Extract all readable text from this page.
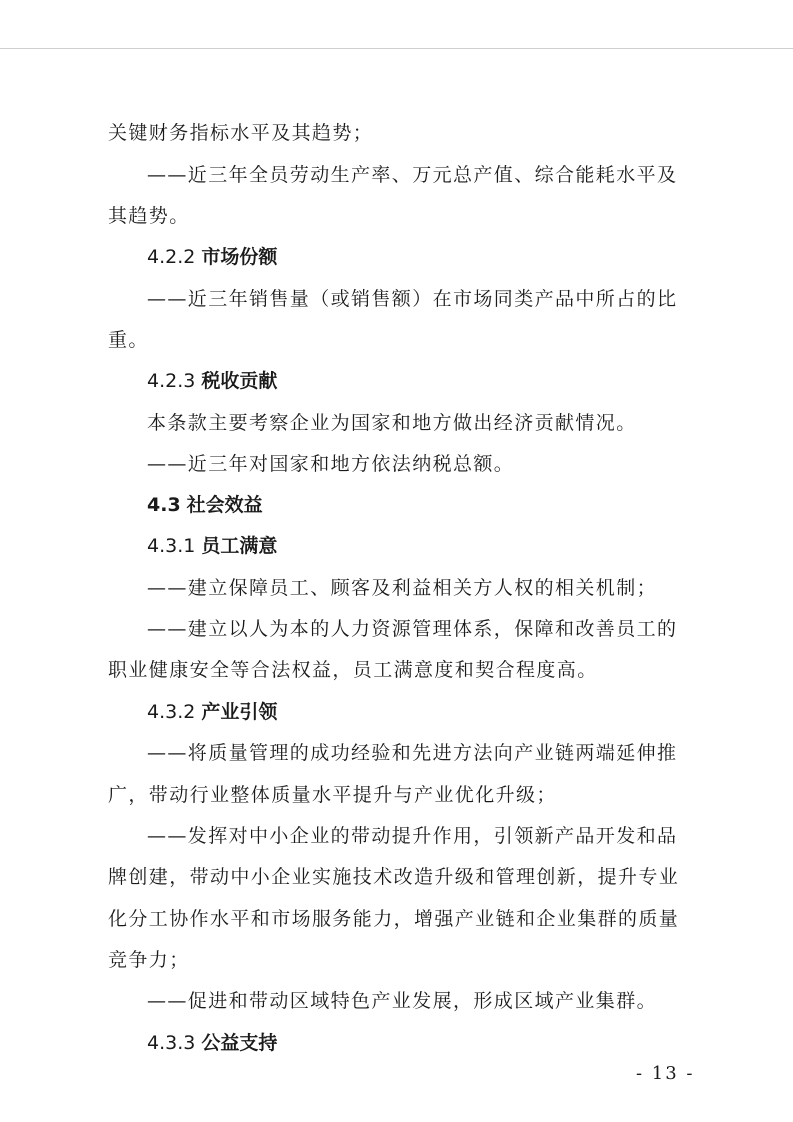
关键财务指标水平及其趋势；
——近三年全员劳动生产率、万元总产值、综合能耗水平及
其趋势。
4.2.2 市场份额
——近三年销售量（或销售额）在市场同类产品中所占的比
重。
4.2.3 税收贡献
本条款主要考察企业为国家和地方做出经济贡献情况。
——近三年对国家和地方依法纳税总额。
4.3 社会效益
4.3.1 员工满意
——建立保障员工、顾客及利益相关方人权的相关机制；
——建立以人为本的人力资源管理体系，保障和改善员工的
职业健康安全等合法权益，员工满意度和契合程度高。
4.3.2 产业引领
——将质量管理的成功经验和先进方法向产业链两端延伸推
广，带动行业整体质量水平提升与产业优化升级；
——发挥对中小企业的带动提升作用，引领新产品开发和品
牌创建，带动中小企业实施技术改造升级和管理创新，提升专业
化分工协作水平和市场服务能力，增强产业链和企业集群的质量
竞争力；
——促进和带动区域特色产业发展，形成区域产业集群。
4.3.3 公益支持
- 13 -
